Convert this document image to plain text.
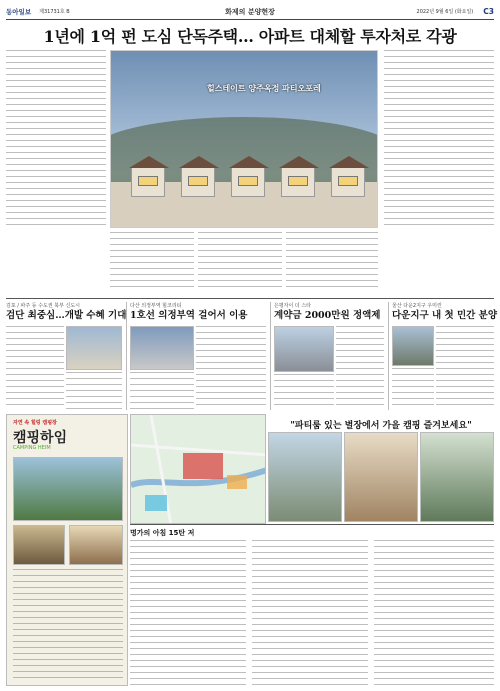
동아일보 제31731호 B	화제의 분양현장	2022년 9월 6일 (화요일) C3
1년에 1억 펀 도심 단독주택… 아파트 대체할 투자처로 각광
힐스테이트 양주옥정 파티오포레
김포 / 파주 등 수도권 북부 신도시
검단 최중심…개발 수혜 기대
다산 의정부역 힐코리티
1호선 의정부역 걸어서 이용
은평자이 더 스타
계약금 2000만원 정액제
울산 다운2지구 우미린
다운지구 내 첫 민간 분양
자연 속 힐링 캠핑장
캠핑하임
CAMPING HEIM
"파티룸 있는 별장에서 가을 캠핑 즐겨보세요"
명가의 아침 15탄 저
